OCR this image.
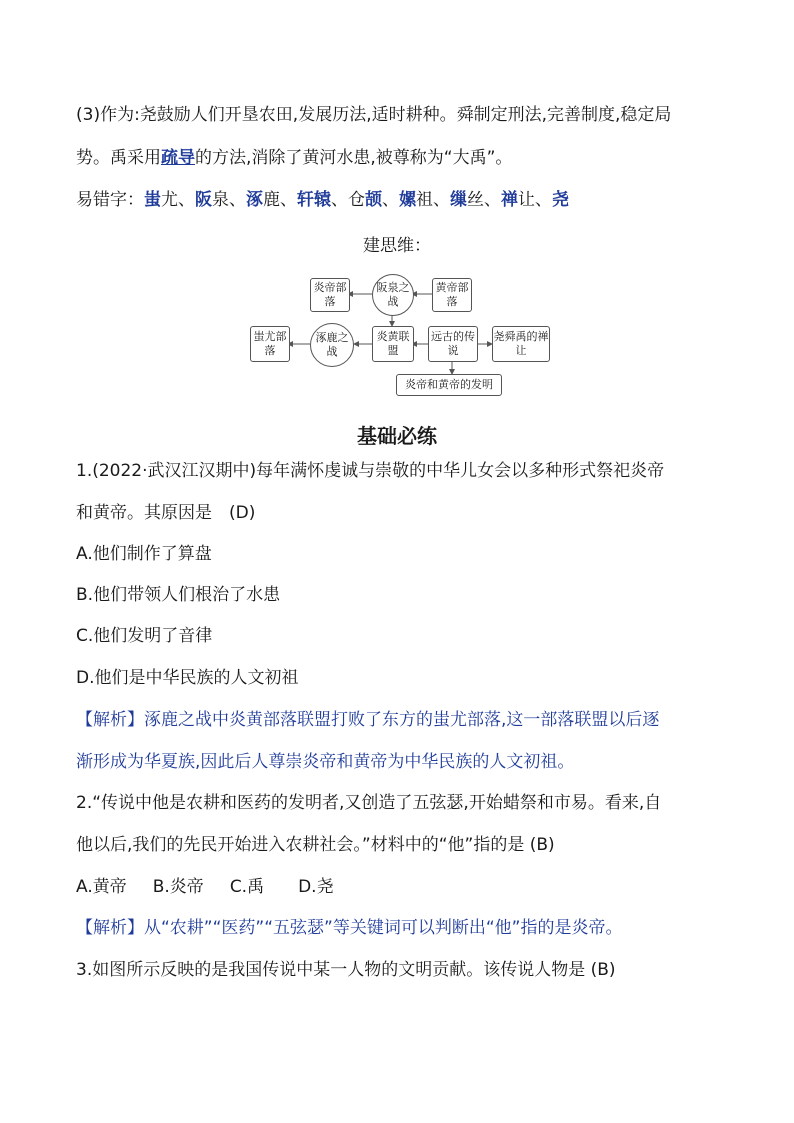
(3)作为:尧鼓励人们开垦农田,发展历法,适时耕种。舜制定刑法,完善制度,稳定局
势。禹采用疏导的方法,消除了黄河水患,被尊称为“大禹”。
易错字：蚩尤、阪泉、涿鹿、轩辕、仓颉、嫘祖、缫丝、禅让、尧
建思维：
炎帝部落
阪泉之战
黄帝部落
蚩尤部落
涿鹿之战
炎黄联盟
远古的传说
尧舜禹的禅让
炎帝和黄帝的发明
基础必练
1.(2022·武汉江汉期中)每年满怀虔诚与崇敬的中华儿女会以多种形式祭祀炎帝
和黄帝。其原因是　(D)
A.他们制作了算盘
B.他们带领人们根治了水患
C.他们发明了音律
D.他们是中华民族的人文初祖
【解析】涿鹿之战中炎黄部落联盟打败了东方的蚩尤部落,这一部落联盟以后逐
渐形成为华夏族,因此后人尊崇炎帝和黄帝为中华民族的人文初祖。
2.“传说中他是农耕和医药的发明者,又创造了五弦瑟,开始蜡祭和市易。看来,自
他以后,我们的先民开始进入农耕社会。”材料中的“他”指的是 (B)
A.黄帝 B.炎帝 C.禹 D.尧
【解析】从“农耕”“医药”“五弦瑟”等关键词可以判断出“他”指的是炎帝。
3.如图所示反映的是我国传说中某一人物的文明贡献。该传说人物是 (B)
